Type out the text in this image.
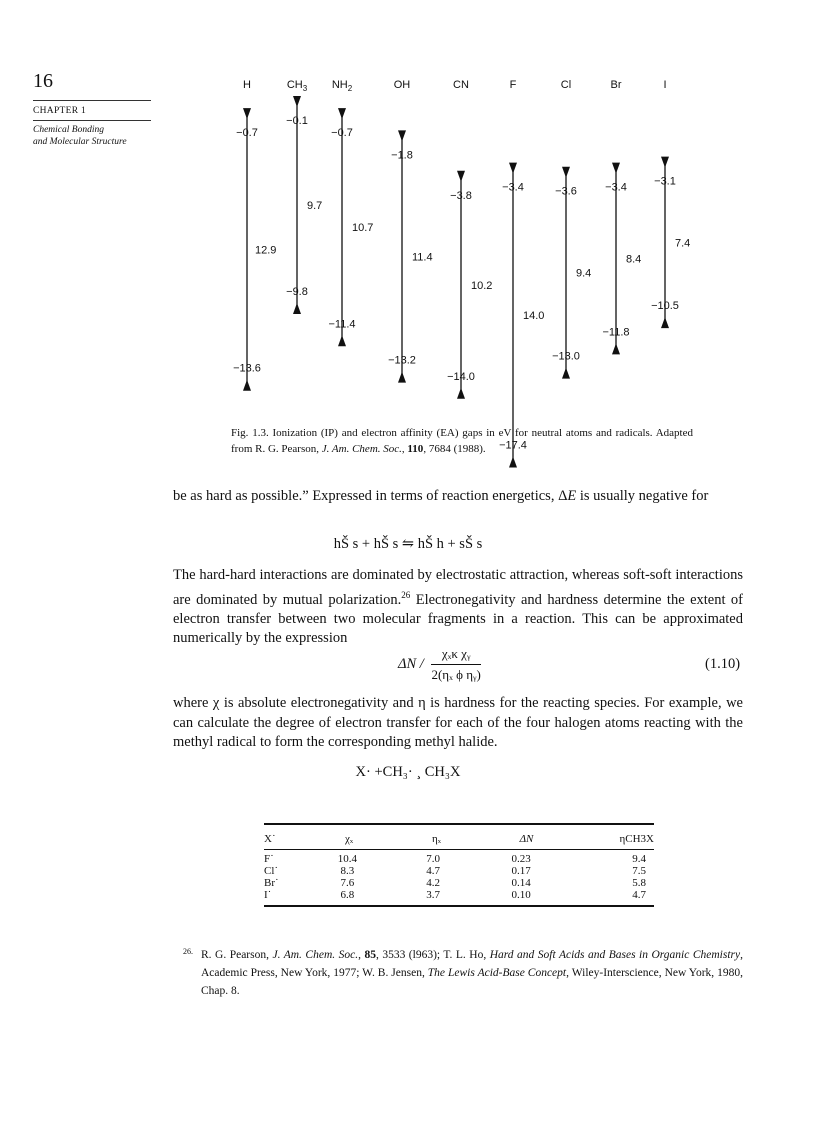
16
CHAPTER 1
Chemical Bonding
and Molecular Structure
H
−13.6
−0.7
12.9
$CH_3$
−9.8
−0.1
9.7
$NH_2$
−11.4
−0.7
10.7
OH
−13.2
−1.8
11.4
CN
−14.0
−3.8
10.2
F
−17.4
−3.4
14.0
Cl
−13.0
−3.6
9.4
Br
−11.8
−3.4
8.4
I
−10.5
−3.1
7.4
Fig. 1.3. Ionization (IP) and electron affinity (EA) gaps in eV for neutral atoms and radicals. Adapted from R. G. Pearson, J. Am. Chem. Soc., 110, 7684 (1988).
be as hard as possible.” Expressed in terms of reaction energetics, ΔE is usually negative for
hŠ s + hŠ s ⇋ hŠ h + sŠ s
The hard-hard interactions are dominated by electrostatic attraction, whereas soft-soft interactions are dominated by mutual polarization.$^{26}$ Electronegativity and hardness determine the extent of electron transfer between two molecular fragments in a reaction. This can be approximated numerically by the expression
ΔN / $\frac{\text{χₓκ χᵧ}}{\text{2(ηₓ ϕ ηᵧ)}}$	(1.10)
where χ is absolute electronegativity and η is hardness for the reacting species. For example, we can calculate the degree of electron transfer for each of the four halogen atoms reacting with the methyl radical to form the corresponding methyl halide.
X· +CH₃· ¸ CH₃X
X˙	χₓ	ηₓ	ΔN	ηCH3X
F˙	10.4	7.0	0.23	9.4
Cl˙	8.3	4.7	0.17	7.5
Br˙	7.6	4.2	0.14	5.8
I˙	6.8	3.7	0.10	4.7
26. R. G. Pearson, J. Am. Chem. Soc., 85, 3533 (l963); T. L. Ho, Hard and Soft Acids and Bases in Organic Chemistry, Academic Press, New York, 1977; W. B. Jensen, The Lewis Acid-Base Concept, Wiley-Interscience, New York, 1980, Chap. 8.
